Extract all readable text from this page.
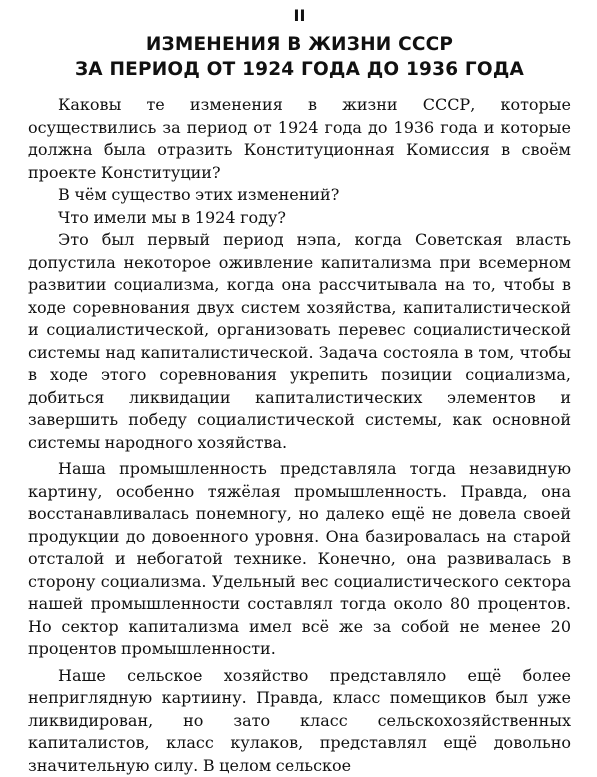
II
ИЗМЕНЕНИЯ В ЖИЗНИ СССР
ЗА ПЕРИОД ОТ 1924 ГОДА ДО 1936 ГОДА

Каковы те изменения в жизни СССР, которые осуществились за период от 1924 года до 1936 года и которые должна была отразить Конституционная Комиссия в своём проекте Конституции?

В чём существо этих изменений?

Что имели мы в 1924 году?

Это был первый период нэпа, когда Советская власть допустила некоторое оживление капитализма при всемерном развитии социализма, когда она рассчитывала на то, чтобы в ходе соревнования двух систем хозяйства, капиталистической и социалистической, организовать перевес социалистической системы над капиталистической. Задача состояла в том, чтобы в ходе этого соревнования укрепить позиции социализма, добиться ликвидации капиталистических элементов и завершить победу социалистической системы, как основной системы народного хозяйства.

Наша промышленность представляла тогда незавидную картину, особенно тяжёлая промышленность. Правда, она восстанавливалась понемногу, но далеко ещё не довела своей продукции до довоенного уровня. Она базировалась на старой отсталой и небогатой технике. Конечно, она развивалась в сторону социализма. Удельный вес социалистического сектора нашей промышленности составлял тогда около 80 процентов. Но сектор капитализма имел всё же за собой не менее 20 процентов промышленности.

Наше сельское хозяйство представляло ещё более неприглядную картиину. Правда, класс помещиков был уже ликвидирован, но зато класс сельскохозяйственных капиталистов, класс кулаков, представлял ещё довольно значительную силу. В целом сельское
